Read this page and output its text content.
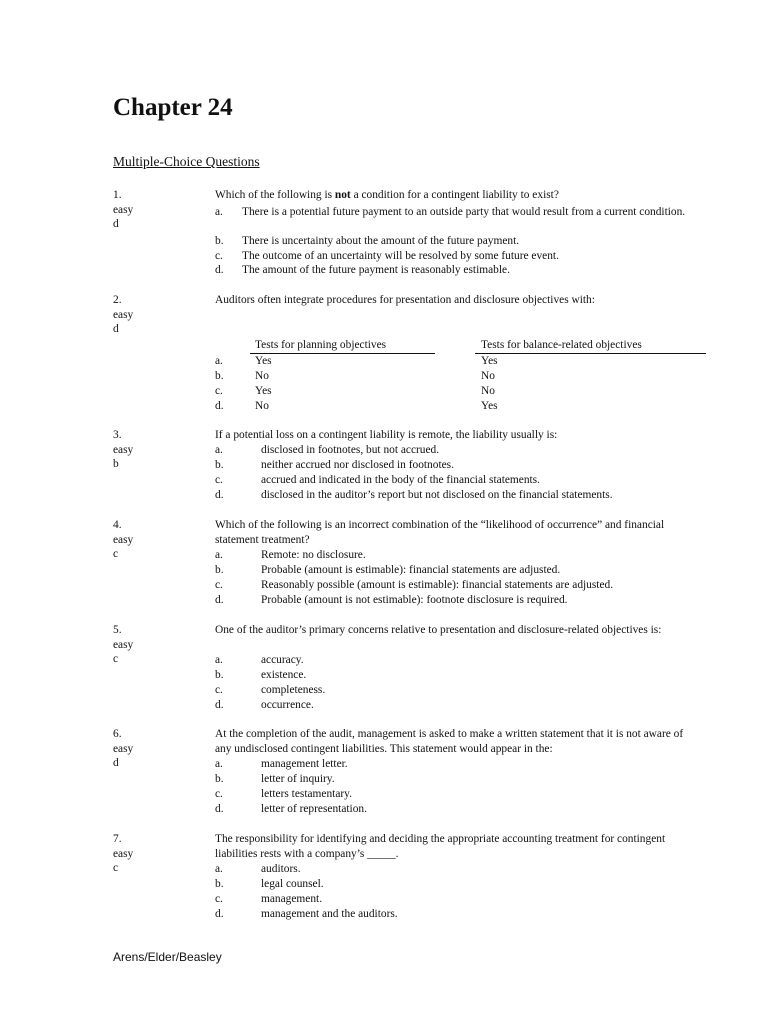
Chapter 24
Multiple-Choice Questions
1.
easy
d
Which of the following is not a condition for a contingent liability to exist?
a. There is a potential future payment to an outside party that would result from a current condition.
b. There is uncertainty about the amount of the future payment.
c. The outcome of an uncertainty will be resolved by some future event.
d. The amount of the future payment is reasonably estimable.
2.
easy
d
Auditors often integrate procedures for presentation and disclosure objectives with:
Tests for planning objectives	Tests for balance-related objectives
a.	Yes	Yes
b.	No	No
c.	Yes	No
d.	No	Yes
3.
easy
b
If a potential loss on a contingent liability is remote, the liability usually is:
a.	disclosed in footnotes, but not accrued.
b.	neither accrued nor disclosed in footnotes.
c.	accrued and indicated in the body of the financial statements.
d.	disclosed in the auditor’s report but not disclosed on the financial statements.
4.
easy
c
Which of the following is an incorrect combination of the “likelihood of occurrence” and financial statement treatment?
a.	Remote: no disclosure.
b.	Probable (amount is estimable): financial statements are adjusted.
c.	Reasonably possible (amount is estimable): financial statements are adjusted.
d.	Probable (amount is not estimable): footnote disclosure is required.
5.
easy
c
One of the auditor’s primary concerns relative to presentation and disclosure-related objectives is:
a.	accuracy.
b.	existence.
c.	completeness.
d.	occurrence.
6.
easy
d
At the completion of the audit, management is asked to make a written statement that it is not aware of any undisclosed contingent liabilities. This statement would appear in the:
a.	management letter.
b.	letter of inquiry.
c.	letters testamentary.
d.	letter of representation.
7.
easy
c
The responsibility for identifying and deciding the appropriate accounting treatment for contingent liabilities rests with a company’s _____.
a.	auditors.
b.	legal counsel.
c.	management.
d.	management and the auditors.
Arens/Elder/Beasley
